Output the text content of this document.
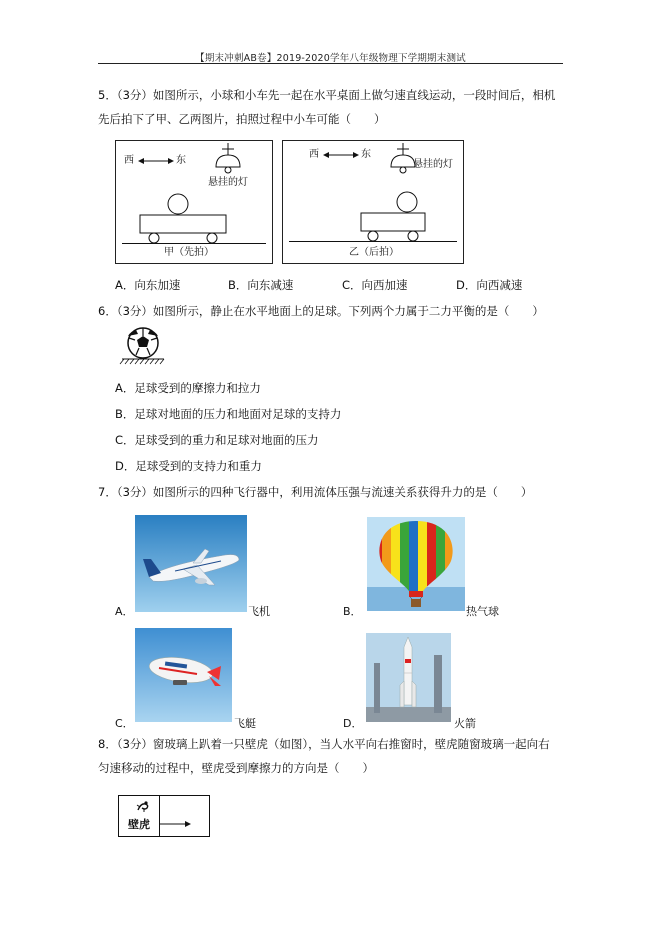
【期末冲刺AB卷】2019-2020学年八年级物理下学期期末测试
5．（3分）如图所示，小球和小车先一起在水平桌面上做匀速直线运动，一段时间后，相机
先后拍下了甲、乙两图片，拍照过程中小车可能（　　）
西	东
悬挂的灯
甲（先拍）
西	东
悬挂的灯
乙（后拍）
A．向东加速	B．向东减速	C．向西加速	D．向西减速
6．（3分）如图所示，静止在水平地面上的足球。下列两个力属于二力平衡的是（　　）
A．足球受到的摩擦力和拉力
B．足球对地面的压力和地面对足球的支持力
C．足球受到的重力和足球对地面的压力
D．足球受到的支持力和重力
7．（3分）如图所示的四种飞行器中，利用流体压强与流速关系获得升力的是（　　）
A．	飞机	B．	热气球
C．	飞艇	D．	火箭
8．（3分）窗玻璃上趴着一只壁虎（如图），当人水平向右推窗时，壁虎随窗玻璃一起向右
匀速移动的过程中，壁虎受到摩擦力的方向是（　　）
壁虎
